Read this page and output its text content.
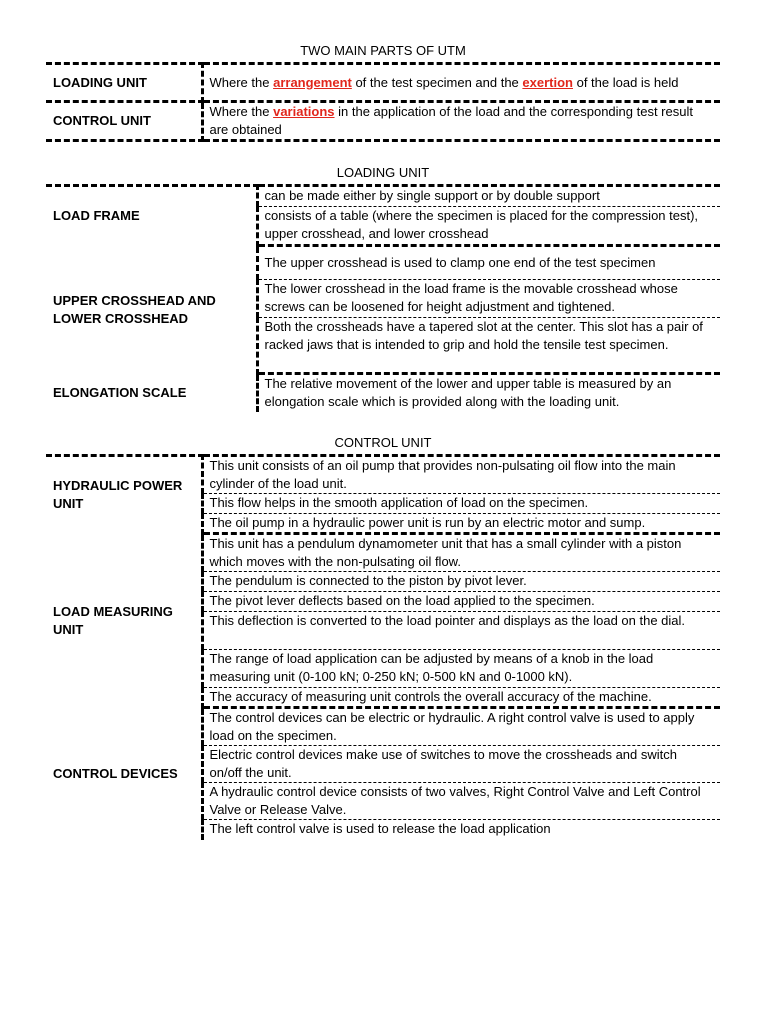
TWO MAIN PARTS OF UTM
LOADING UNIT	Where the arrangement of the test specimen and the exertion of the load is held
CONTROL UNIT	Where the variations in the application of the load and the corresponding test result are obtained
LOADING UNIT
LOAD FRAME	can be made either by single support or by double support
	consists of a table (where the specimen is placed for the compression test), upper crosshead, and lower crosshead
UPPER CROSSHEAD AND LOWER CROSSHEAD	The upper crosshead is used to clamp one end of the test specimen
	The lower crosshead in the load frame is the movable crosshead whose screws can be loosened for height adjustment and tightened.
	Both the crossheads have a tapered slot at the center. This slot has a pair of racked jaws that is intended to grip and hold the tensile test specimen.
ELONGATION SCALE	The relative movement of the lower and upper table is measured by an elongation scale which is provided along with the loading unit.
CONTROL UNIT
HYDRAULIC POWER UNIT	This unit consists of an oil pump that provides non-pulsating oil flow into the main cylinder of the load unit.
	This flow helps in the smooth application of load on the specimen.
	The oil pump in a hydraulic power unit is run by an electric motor and sump.
LOAD MEASURING UNIT	This unit has a pendulum dynamometer unit that has a small cylinder with a piston which moves with the non-pulsating oil flow.
	The pendulum is connected to the piston by pivot lever.
	The pivot lever deflects based on the load applied to the specimen.
	This deflection is converted to the load pointer and displays as the load on the dial.
	The range of load application can be adjusted by means of a knob in the load measuring unit (0-100 kN; 0-250 kN; 0-500 kN and 0-1000 kN).
	The accuracy of measuring unit controls the overall accuracy of the machine.
CONTROL DEVICES	The control devices can be electric or hydraulic. A right control valve is used to apply load on the specimen.
	Electric control devices make use of switches to move the crossheads and switch on/off the unit.
	A hydraulic control device consists of two valves, Right Control Valve and Left Control Valve or Release Valve.
	The left control valve is used to release the load application
